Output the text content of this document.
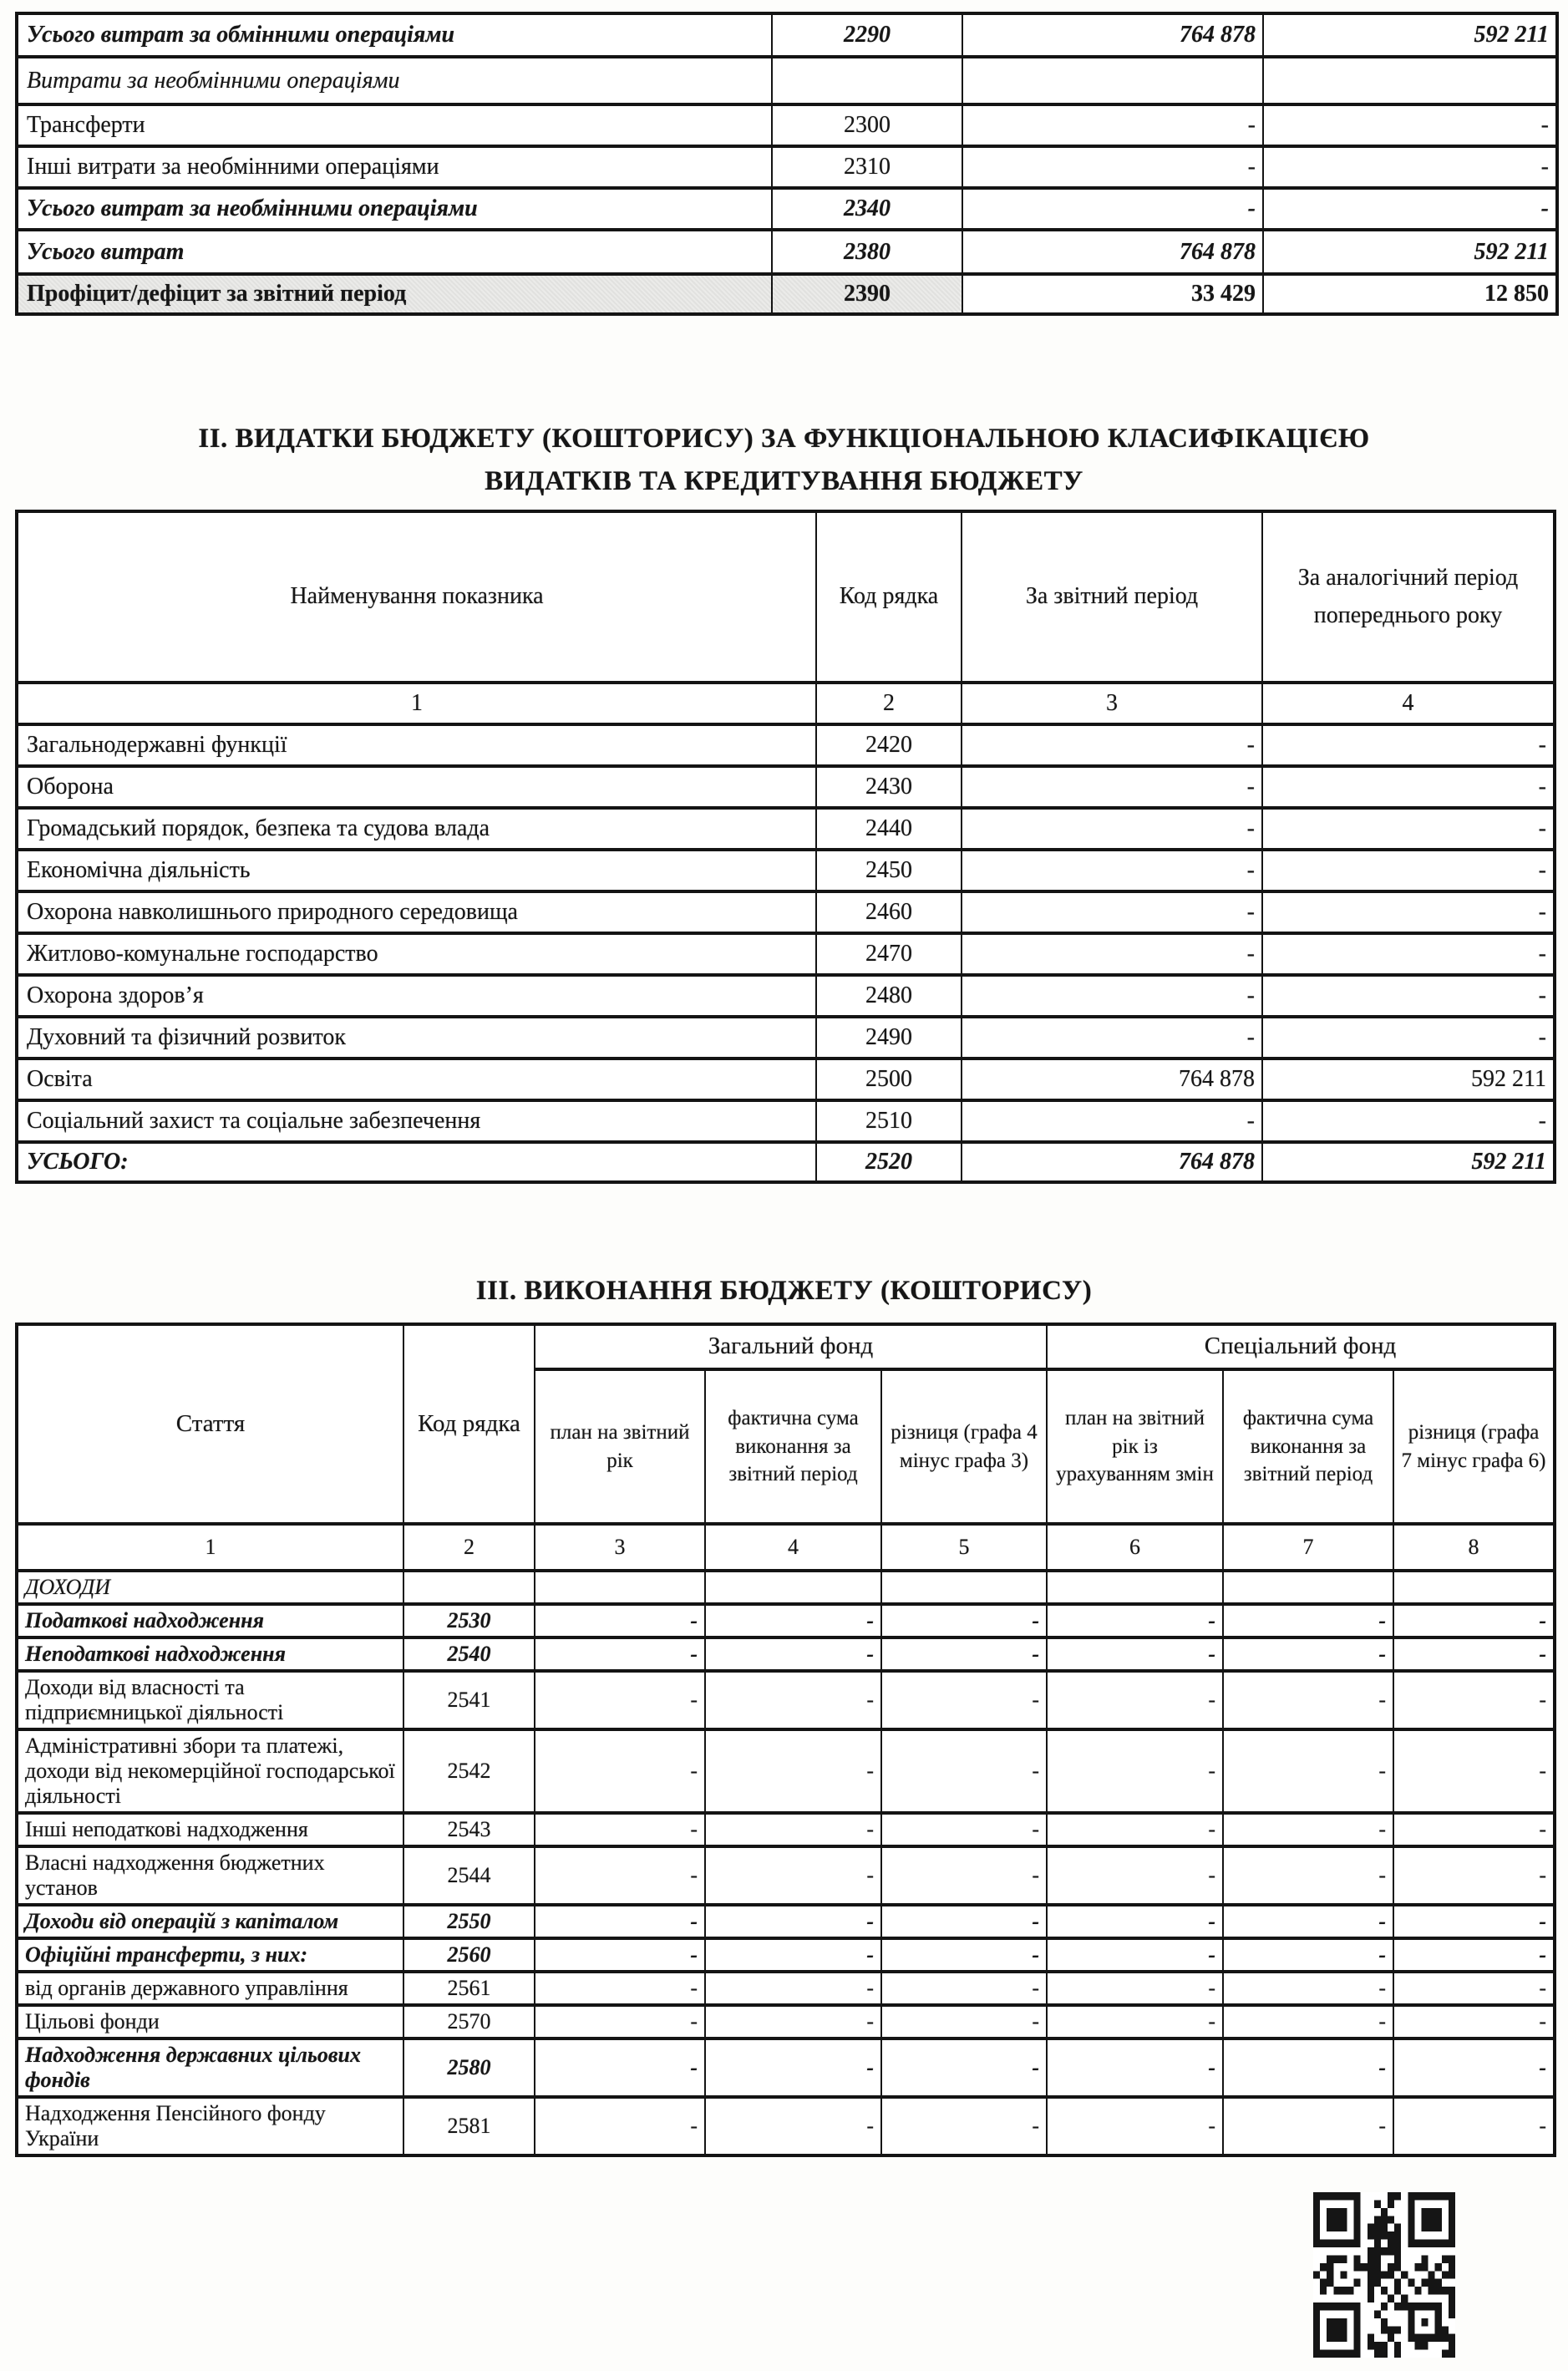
Усього витрат за обмінними операціями	2290	764 878	592 211
Витрати за необмінними операціями			
Трансферти	2300	-	-
Інші витрати за необмінними операціями	2310	-	-
Усього витрат за необмінними операціями	2340	-	-
Усього витрат	2380	764 878	592 211
Профіцит/дефіцит за звітний період	2390	33 429	12 850
ІІ. ВИДАТКИ БЮДЖЕТУ (КОШТОРИСУ) ЗА ФУНКЦІОНАЛЬНОЮ КЛАСИФІКАЦІЄЮ
ВИДАТКІВ ТА КРЕДИТУВАННЯ БЮДЖЕТУ
Найменування показника	Код рядка	За звітний період	За аналогічний період попереднього року
1	2	3	4
Загальнодержавні функції	2420	-	-
Оборона	2430	-	-
Громадський порядок, безпека та судова влада	2440	-	-
Економічна діяльність	2450	-	-
Охорона навколишнього природного середовища	2460	-	-
Житлово-комунальне господарство	2470	-	-
Охорона здоров’я	2480	-	-
Духовний та фізичний розвиток	2490	-	-
Освіта	2500	764 878	592 211
Соціальний захист та соціальне забезпечення	2510	-	-
УСЬОГО:	2520	764 878	592 211
ІІІ. ВИКОНАННЯ БЮДЖЕТУ (КОШТОРИСУ)
Стаття	Код рядка	Загальний фонд			Спеціальний фонд		
		план на звітний рік	фактична сума виконання за звітний період	різниця (графа 4 мінус графа 3)	план на звітний рік із урахуванням змін	фактична сума виконання за звітний період	різниця (графа 7 мінус графа 6)
1	2	3	4	5	6	7	8
ДОХОДИ							
Податкові надходження	2530	-	-	-	-	-	-
Неподаткові надходження	2540	-	-	-	-	-	-
Доходи від власності та підприємницької діяльності	2541	-	-	-	-	-	-
Адміністративні збори та платежі, доходи від некомерційної господарської діяльності	2542	-	-	-	-	-	-
Інші неподаткові надходження	2543	-	-	-	-	-	-
Власні надходження бюджетних установ	2544	-	-	-	-	-	-
Доходи від операцій з капіталом	2550	-	-	-	-	-	-
Офіційні трансферти, з них:	2560	-	-	-	-	-	-
від органів державного управління	2561	-	-	-	-	-	-
Цільові фонди	2570	-	-	-	-	-	-
Надходження державних цільових фондів	2580	-	-	-	-	-	-
Надходження Пенсійного фонду України	2581	-	-	-	-	-	-
